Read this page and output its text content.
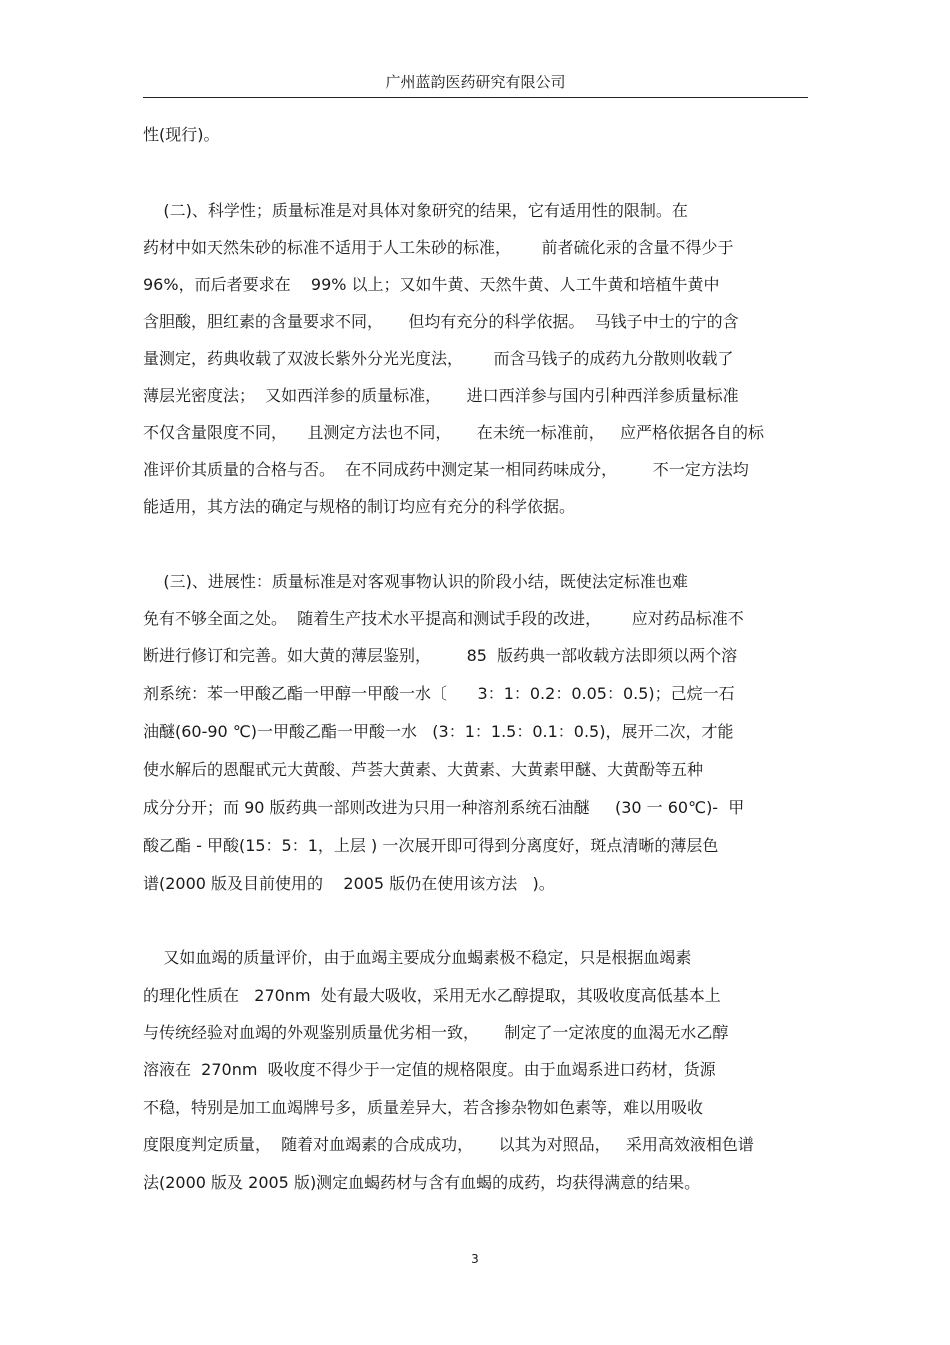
广州蓝韵医药研究有限公司
性(现行)。
(二)、科学性；质量标准是对具体对象研究的结果，它有适用性的限制。在
药材中如天然朱砂的标准不适用于人工朱砂的标准，      前者硫化汞的含量不得少于
96%，而后者要求在    99% 以上；又如牛黄、天然牛黄、人工牛黄和培植牛黄中
含胆酸，胆红素的含量要求不同，     但均有充分的科学依据。  马钱子中士的宁的含
量测定，药典收载了双波长紫外分光光度法，      而含马钱子的成药九分散则收载了
薄层光密度法；  又如西洋参的质量标准，     进口西洋参与国内引种西洋参质量标准
不仅含量限度不同，    且测定方法也不同，     在未统一标准前，   应严格依据各自的标
准评价其质量的合格与否。  在不同成药中测定某一相同药味成分，       不一定方法均
能适用，其方法的确定与规格的制订均应有充分的科学依据。
(三)、进展性：质量标准是对客观事物认识的阶段小结，既使法定标准也难
免有不够全面之处。  随着生产技术水平提高和测试手段的改进，      应对药品标准不
断进行修订和完善。如大黄的薄层鉴别，       85  版药典一部收载方法即须以两个溶
剂系统：苯一甲酸乙酯一甲醇一甲酸一水〔      3：1：0.2：0.05：0.5)；己烷一石
油醚(60-90 ℃)一甲酸乙酯一甲酸一水   (3：1：1.5：0.1：0.5)，展开二次，才能
使水解后的恩醌甙元大黄酸、芦荟大黄素、大黄素、大黄素甲醚、大黄酚等五种
成分分开；而 90 版药典一部则改进为只用一种溶剂系统石油醚     (30 一 60℃)-  甲
酸乙酯 - 甲酸(15：5：1，上层 ) 一次展开即可得到分离度好，斑点清晰的薄层色
谱(2000 版及目前使用的    2005 版仍在使用该方法   )。
又如血竭的质量评价，由于血竭主要成分血蝎素极不稳定，只是根据血竭素
的理化性质在   270nm  处有最大吸收，采用无水乙醇提取，其吸收度高低基本上
与传统经验对血竭的外观鉴别质量优劣相一致，     制定了一定浓度的血渴无水乙醇
溶液在  270nm  吸收度不得少于一定值的规格限度。由于血竭系进口药材，货源
不稳，特别是加工血竭牌号多，质量差异大，若含掺杂物如色素等，难以用吸收
度限度判定质量，  随着对血竭素的合成成功，     以其为对照品，   采用高效液相色谱
法(2000 版及 2005 版)测定血蝎药材与含有血蝎的成药，均获得满意的结果。
3
